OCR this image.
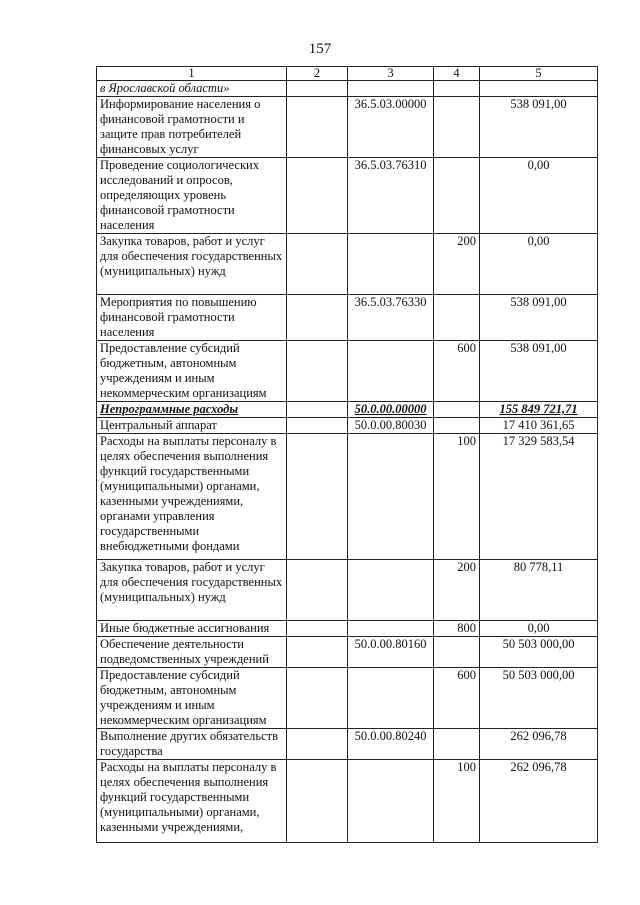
157
1	2	3	4	5
в Ярославской области»				
Информирование населения о финансовой грамотности и защите прав потребителей финансовых услуг		36.5.03.00000		538 091,00
Проведение социологических исследований и опросов, определяющих уровень финансовой грамотности населения		36.5.03.76310		0,00
Закупка товаров, работ и услуг для обеспечения государственных (муниципальных) нужд			200	0,00
Мероприятия по повышению финансовой грамотности населения		36.5.03.76330		538 091,00
Предоставление субсидий бюджетным, автономным учреждениям и иным некоммерческим организациям			600	538 091,00
Непрограммные расходы		50.0.00.00000		155 849 721,71
Центральный аппарат		50.0.00.80030		17 410 361,65
Расходы на выплаты персоналу в целях обеспечения выполнения функций государственными (муниципальными) органами, казенными учреждениями, органами управления государственными внебюджетными фондами			100	17 329 583,54
Закупка товаров, работ и услуг для обеспечения государственных (муниципальных) нужд			200	80 778,11
Иные бюджетные ассигнования			800	0,00
Обеспечение деятельности подведомственных учреждений		50.0.00.80160		50 503 000,00
Предоставление субсидий бюджетным, автономным учреждениям и иным некоммерческим организациям			600	50 503 000,00
Выполнение других обязательств государства		50.0.00.80240		262 096,78
Расходы на выплаты персоналу в целях обеспечения выполнения функций государственными (муниципальными) органами, казенными учреждениями,			100	262 096,78
